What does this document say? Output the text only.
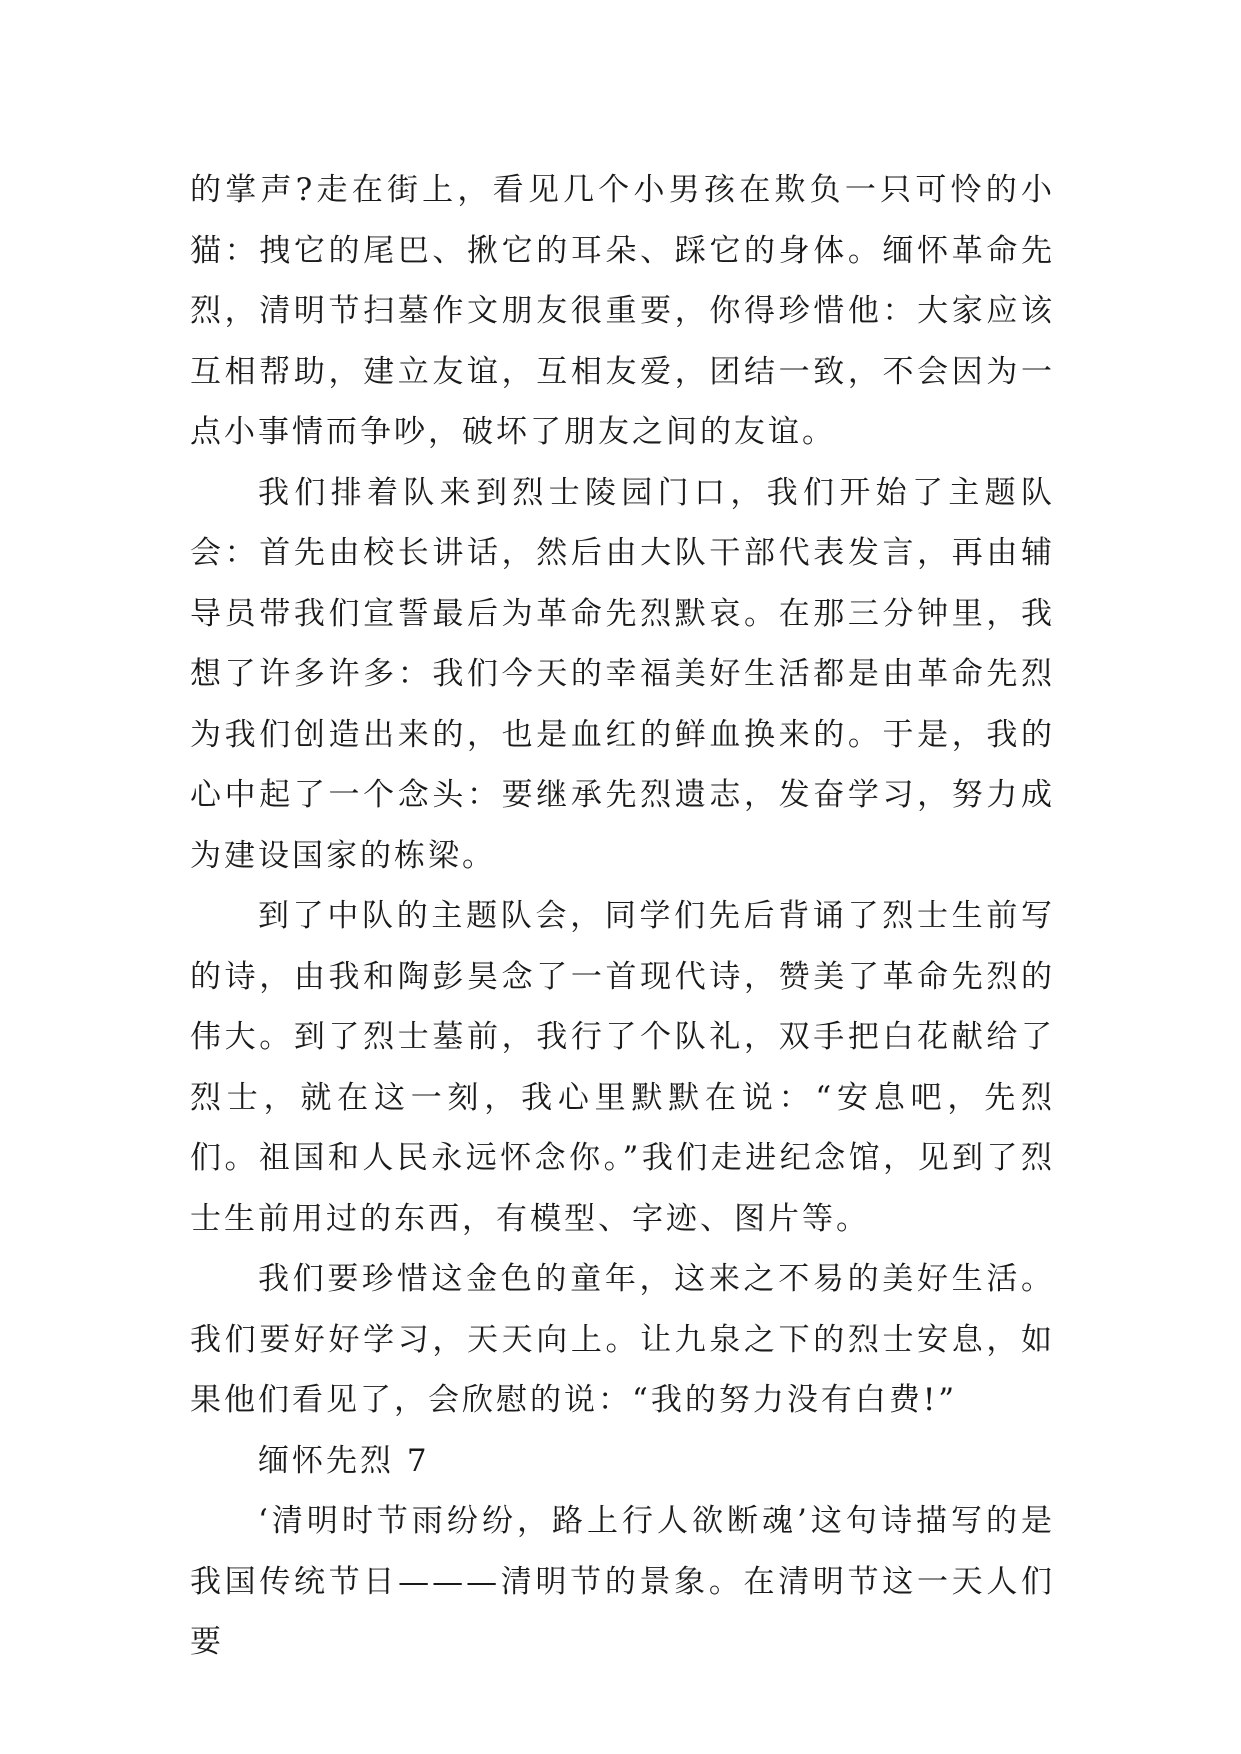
的掌声?走在街上，看见几个小男孩在欺负一只可怜的小猫：拽它的尾巴、揪它的耳朵、踩它的身体。缅怀革命先烈，清明节扫墓作文朋友很重要，你得珍惜他：大家应该互相帮助，建立友谊，互相友爱，团结一致，不会因为一点小事情而争吵，破坏了朋友之间的友谊。

我们排着队来到烈士陵园门口，我们开始了主题队会：首先由校长讲话，然后由大队干部代表发言，再由辅导员带我们宣誓最后为革命先烈默哀。在那三分钟里，我想了许多许多：我们今天的幸福美好生活都是由革命先烈为我们创造出来的，也是血红的鲜血换来的。于是，我的心中起了一个念头：要继承先烈遗志，发奋学习，努力成为建设国家的栋梁。

到了中队的主题队会，同学们先后背诵了烈士生前写的诗，由我和陶彭昊念了一首现代诗，赞美了革命先烈的伟大。到了烈士墓前，我行了个队礼，双手把白花献给了烈士，就在这一刻，我心里默默在说：“安息吧，先烈们。祖国和人民永远怀念你。”我们走进纪念馆，见到了烈士生前用过的东西，有模型、字迹、图片等。

我们要珍惜这金色的童年，这来之不易的美好生活。我们要好好学习，天天向上。让九泉之下的烈士安息，如果他们看见了，会欣慰的说：“我的努力没有白费!”

缅怀先烈 7

‘清明时节雨纷纷，路上行人欲断魂’这句诗描写的是我国传统节日———清明节的景象。在清明节这一天人们要
